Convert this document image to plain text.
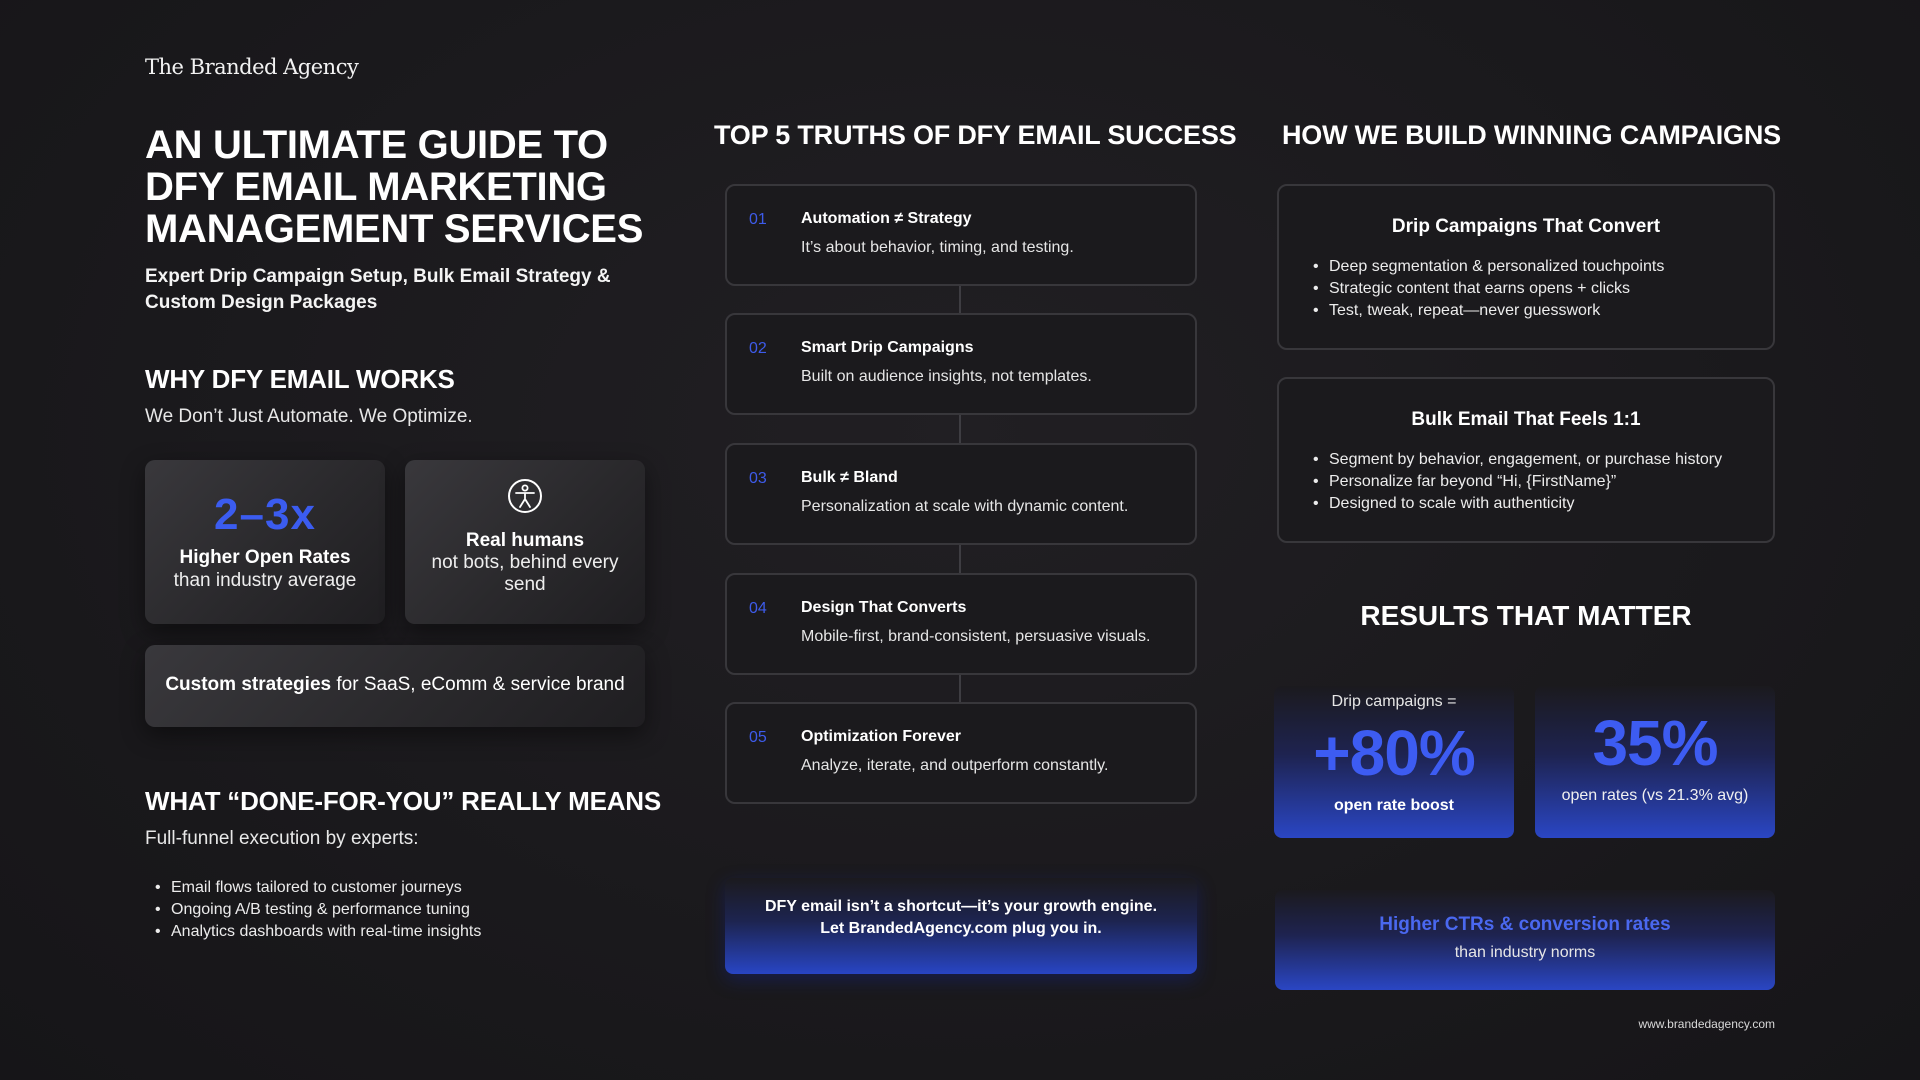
The Branded Agency
AN ULTIMATE GUIDE TO DFY EMAIL MARKETING MANAGEMENT SERVICES
Expert Drip Campaign Setup, Bulk Email Strategy & Custom Design Packages
WHY DFY EMAIL WORKS
We Don’t Just Automate. We Optimize.
2–3x
Higher Open Rates
than industry average
Real humans
not bots, behind every send
Custom strategies for SaaS, eComm & service brand
WHAT “DONE-FOR-YOU” REALLY MEANS
Full-funnel execution by experts:
• Email flows tailored to customer journeys
• Ongoing A/B testing & performance tuning
• Analytics dashboards with real-time insights
TOP 5 TRUTHS OF DFY EMAIL SUCCESS
01 Automation ≠ Strategy
It’s about behavior, timing, and testing.
02 Smart Drip Campaigns
Built on audience insights, not templates.
03 Bulk ≠ Bland
Personalization at scale with dynamic content.
04 Design That Converts
Mobile-first, brand-consistent, persuasive visuals.
05 Optimization Forever
Analyze, iterate, and outperform constantly.
DFY email isn’t a shortcut—it’s your growth engine.
Let BrandedAgency.com plug you in.
HOW WE BUILD WINNING CAMPAIGNS
Drip Campaigns That Convert
• Deep segmentation & personalized touchpoints
• Strategic content that earns opens + clicks
• Test, tweak, repeat—never guesswork
Bulk Email That Feels 1:1
• Segment by behavior, engagement, or purchase history
• Personalize far beyond “Hi, {FirstName}”
• Designed to scale with authenticity
RESULTS THAT MATTER
Drip campaigns =
+80%
open rate boost
35%
open rates (vs 21.3% avg)
Higher CTRs & conversion rates
than industry norms
www.brandedagency.com
